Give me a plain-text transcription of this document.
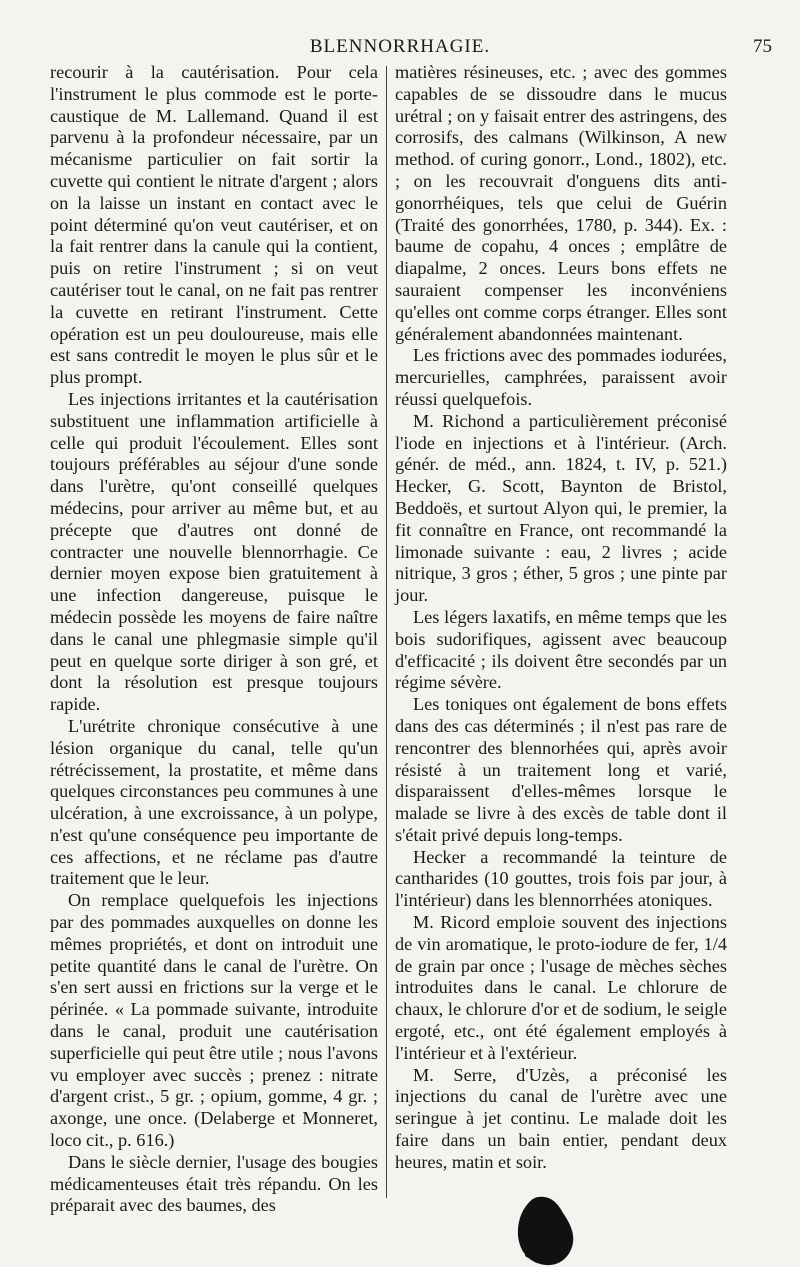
BLENNORRHAGIE.	75

recourir à la cautérisation. Pour cela l'instrument le plus commode est le porte-caustique de M. Lallemand. Quand il est parvenu à la profondeur nécessaire, par un mécanisme particulier on fait sortir la cuvette qui contient le nitrate d'argent ; alors on la laisse un instant en contact avec le point déterminé qu'on veut cautériser, et on la fait rentrer dans la canule qui la contient, puis on retire l'instrument ; si on veut cautériser tout le canal, on ne fait pas rentrer la cuvette en retirant l'instrument. Cette opération est un peu douloureuse, mais elle est sans contredit le moyen le plus sûr et le plus prompt.

Les injections irritantes et la cautérisation substituent une inflammation artificielle à celle qui produit l'écoulement. Elles sont toujours préférables au séjour d'une sonde dans l'urètre, qu'ont conseillé quelques médecins, pour arriver au même but, et au précepte que d'autres ont donné de contracter une nouvelle blennorrhagie. Ce dernier moyen expose bien gratuitement à une infection dangereuse, puisque le médecin possède les moyens de faire naître dans le canal une phlegmasie simple qu'il peut en quelque sorte diriger à son gré, et dont la résolution est presque toujours rapide.

L'urétrite chronique consécutive à une lésion organique du canal, telle qu'un rétrécissement, la prostatite, et même dans quelques circonstances peu communes à une ulcération, à une excroissance, à un polype, n'est qu'une conséquence peu importante de ces affections, et ne réclame pas d'autre traitement que le leur.

On remplace quelquefois les injections par des pommades auxquelles on donne les mêmes propriétés, et dont on introduit une petite quantité dans le canal de l'urètre. On s'en sert aussi en frictions sur la verge et le périnée. « La pommade suivante, introduite dans le canal, produit une cautérisation superficielle qui peut être utile ; nous l'avons vu employer avec succès ; prenez : nitrate d'argent crist., 5 gr. ; opium, gomme, 4 gr. ; axonge, une once. (Delaberge et Monneret, loco cit., p. 616.)

Dans le siècle dernier, l'usage des bougies médicamenteuses était très répandu. On les préparait avec des baumes, des

matières résineuses, etc. ; avec des gommes capables de se dissoudre dans le mucus urétral ; on y faisait entrer des astringens, des corrosifs, des calmans (Wilkinson, A new method. of curing gonorr., Lond., 1802), etc. ; on les recouvrait d'onguens dits anti-gonorrhéiques, tels que celui de Guérin (Traité des gonorrhées, 1780, p. 344). Ex. : baume de copahu, 4 onces ; emplâtre de diapalme, 2 onces. Leurs bons effets ne sauraient compenser les inconvéniens qu'elles ont comme corps étranger. Elles sont généralement abandonnées maintenant.

Les frictions avec des pommades iodurées, mercurielles, camphrées, paraissent avoir réussi quelquefois.

M. Richond a particulièrement préconisé l'iode en injections et à l'intérieur. (Arch. génér. de méd., ann. 1824, t. IV, p. 521.) Hecker, G. Scott, Baynton de Bristol, Beddoës, et surtout Alyon qui, le premier, la fit connaître en France, ont recommandé la limonade suivante : eau, 2 livres ; acide nitrique, 3 gros ; éther, 5 gros ; une pinte par jour.

Les légers laxatifs, en même temps que les bois sudorifiques, agissent avec beaucoup d'efficacité ; ils doivent être secondés par un régime sévère.

Les toniques ont également de bons effets dans des cas déterminés ; il n'est pas rare de rencontrer des blennorhées qui, après avoir résisté à un traitement long et varié, disparaissent d'elles-mêmes lorsque le malade se livre à des excès de table dont il s'était privé depuis long-temps.

Hecker a recommandé la teinture de cantharides (10 gouttes, trois fois par jour, à l'intérieur) dans les blennorrhées atoniques.

M. Ricord emploie souvent des injections de vin aromatique, le proto-iodure de fer, 1/4 de grain par once ; l'usage de mèches sèches introduites dans le canal. Le chlorure de chaux, le chlorure d'or et de sodium, le seigle ergoté, etc., ont été également employés à l'intérieur et à l'extérieur.

M. Serre, d'Uzès, a préconisé les injections du canal de l'urètre avec une seringue à jet continu. Le malade doit les faire dans un bain entier, pendant deux heures, matin et soir.
